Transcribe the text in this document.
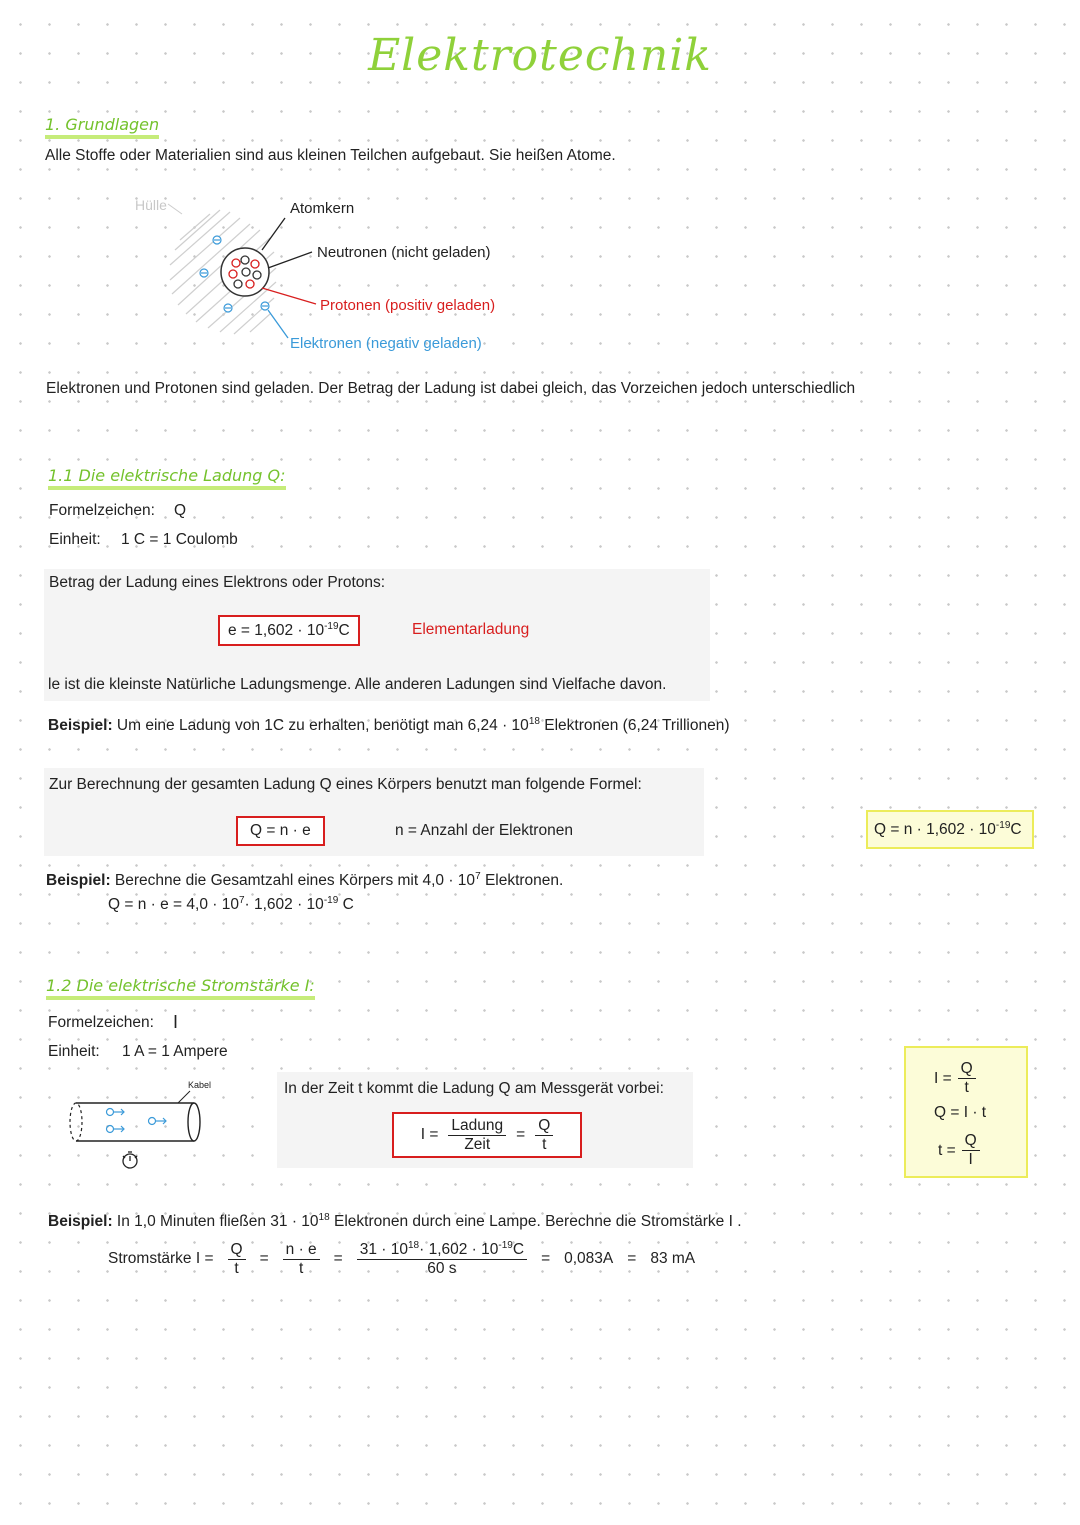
Elektrotechnik
1. Grundlagen
Alle Stoffe oder Materialien sind aus kleinen Teilchen aufgebaut. Sie heißen Atome.
Hülle	Atomkern
Neutronen (nicht geladen)
Protonen (positiv geladen)
Elektronen (negativ geladen)
Elektronen und Protonen sind geladen. Der Betrag der Ladung ist dabei gleich, das Vorzeichen jedoch unterschiedlich
1.1 Die elektrische Ladung Q:
Formelzeichen: Q
Einheit: 1 C = 1 Coulomb
Betrag der Ladung eines Elektrons oder Protons:
$e = 1,602 \cdot 10^{-19}C$	Elementarladung
le ist die kleinste Natürliche Ladungsmenge. Alle anderen Ladungen sind Vielfache davon.
Beispiel: Um eine Ladung von 1C zu erhalten, benötigt man $6,24 \cdot 10^{18}$ Elektronen (6,24 Trillionen)
Zur Berechnung der gesamten Ladung Q eines Körpers benutzt man folgende Formel:
Q = n · e	n = Anzahl der Elektronen	$Q = n \cdot 1,602 \cdot 10^{-19}C$
Beispiel: Berechne die Gesamtzahl eines Körpers mit $4,0 \cdot 10^7$ Elektronen.
$Q = n \cdot e = 4,0 \cdot 10^7\cdot 1,602 \cdot 10^{-19}$ C
1.2 Die elektrische Stromstärke I:
Formelzeichen: I
Einheit: 1 A = 1 Ampere
Kabel	In der Zeit t kommt die Ladung Q am Messgerät vorbei:
$I = \frac{\text{Ladung}}{\text{Zeit}} = \frac{Q}{t}$
$I = \frac{Q}{t}$
Q = I · t
$t = \frac{Q}{I}$
Beispiel: In 1,0 Minuten fließen $31 \cdot 10^{18}$ Elektronen durch eine Lampe. Berechne die Stromstärke I .
Stromstärke $I = \frac{Q}{t} = \frac{n \cdot e}{t} = \frac{31 \cdot 10^{18}\cdot 1,602 \cdot 10^{-19}C}{60 s} = 0,083A = 83$ mA
